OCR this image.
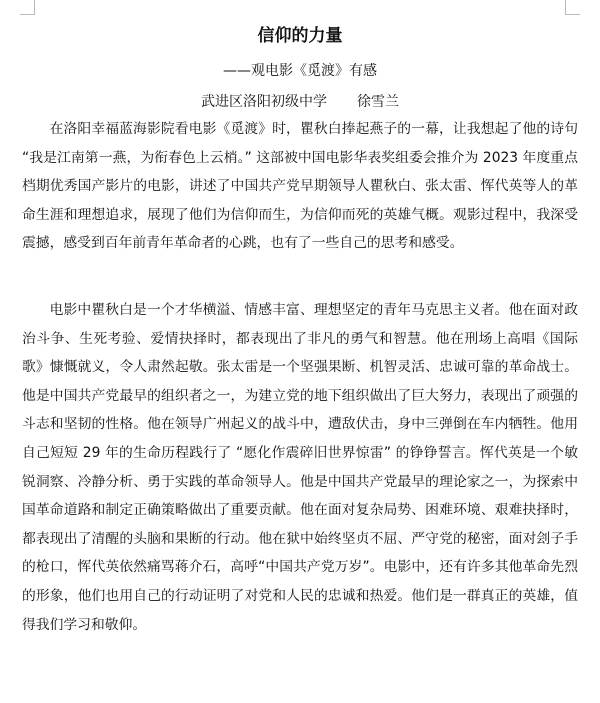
信仰的力量
——观电影《觅渡》有感
武进区洛阳初级中学 徐雪兰

在洛阳幸福蓝海影院看电影《觅渡》时，瞿秋白捧起燕子的一幕，让我想起了他的诗句 “我是江南第一燕，为衔春色上云梢。” 这部被中国电影华表奖组委会推介为 2023 年度重点档期优秀国产影片的电影，讲述了中国共产党早期领导人瞿秋白、张太雷、恽代英等人的革命生涯和理想追求，展现了他们为信仰而生，为信仰而死的英雄气概。观影过程中，我深受震撼，感受到百年前青年革命者的心跳，也有了一些自己的思考和感受。

电影中瞿秋白是一个才华横溢、情感丰富、理想坚定的青年马克思主义者。他在面对政治斗争、生死考验、爱情抉择时，都表现出了非凡的勇气和智慧。他在刑场上高唱《国际歌》慷慨就义，令人肃然起敬。张太雷是一个坚强果断、机智灵活、忠诚可靠的革命战士。他是中国共产党最早的组织者之一，为建立党的地下组织做出了巨大努力，表现出了顽强的斗志和坚韧的性格。他在领导广州起义的战斗中，遭敌伏击，身中三弹倒在车内牺牲。他用自己短短 29 年的生命历程践行了 “愿化作震碎旧世界惊雷” 的铮铮誓言。恽代英是一个敏锐洞察、冷静分析、勇于实践的革命领导人。他是中国共产党最早的理论家之一，为探索中国革命道路和制定正确策略做出了重要贡献。他在面对复杂局势、困难环境、艰难抉择时，都表现出了清醒的头脑和果断的行动。他在狱中始终坚贞不屈、严守党的秘密，面对刽子手的枪口，恽代英依然痛骂蒋介石，高呼“中国共产党万岁”。电影中，还有许多其他革命先烈的形象，他们也用自己的行动证明了对党和人民的忠诚和热爱。他们是一群真正的英雄，值得我们学习和敬仰。
